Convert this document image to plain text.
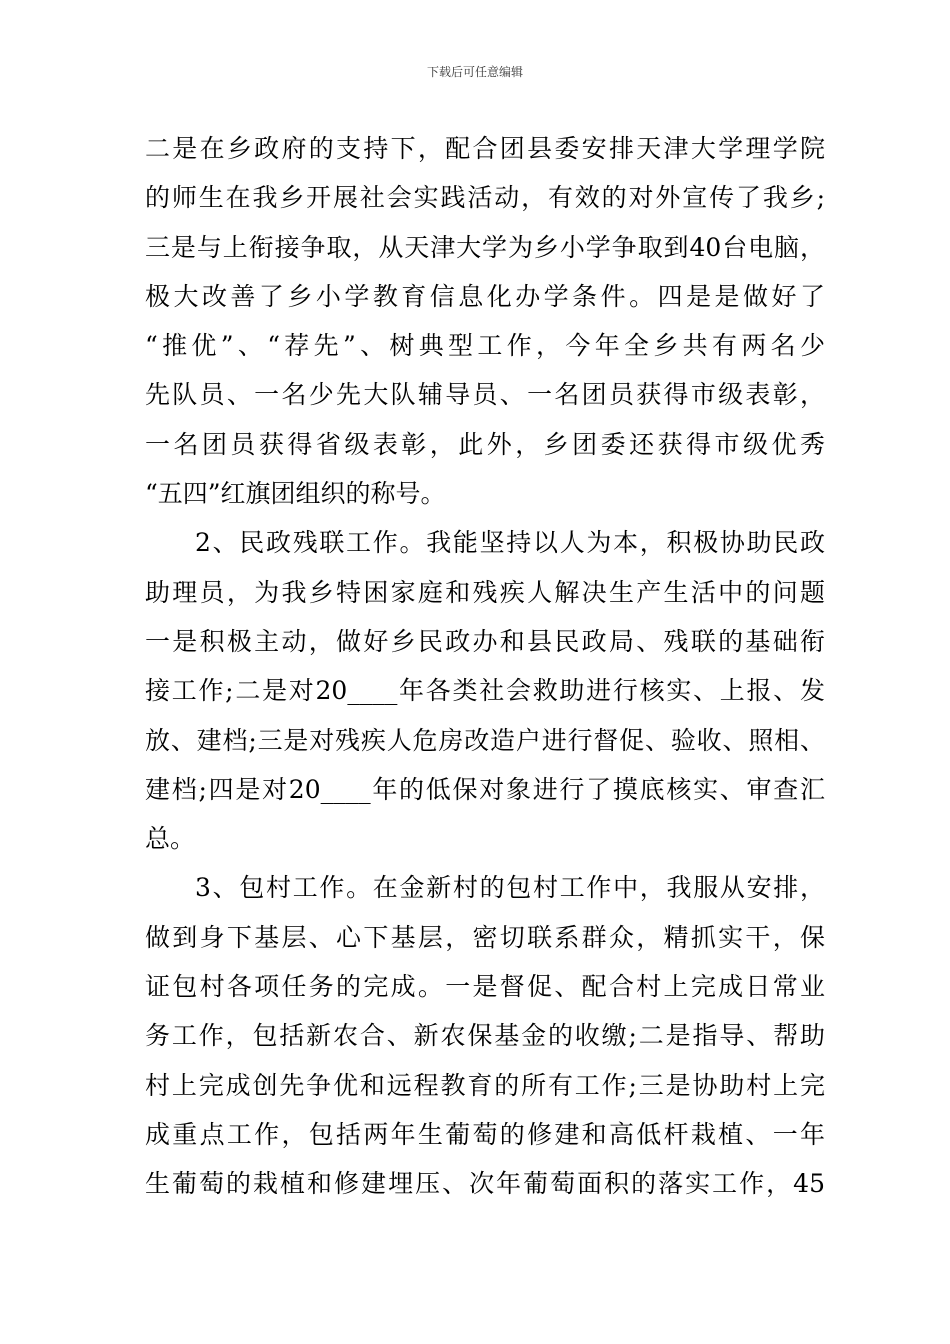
下载后可任意编辑
二是在乡政府的支持下，配合团县委安排天津大学理学院
的师生在我乡开展社会实践活动，有效的对外宣传了我乡;
三是与上衔接争取，从天津大学为乡小学争取到40台电脑，
极大改善了乡小学教育信息化办学条件。四是是做好了
“推优”、“荐先”、树典型工作，今年全乡共有两名少
先队员、一名少先大队辅导员、一名团员获得市级表彰，
一名团员获得省级表彰，此外，乡团委还获得市级优秀
“五四”红旗团组织的称号。
2、民政残联工作。我能坚持以人为本，积极协助民政
助理员，为我乡特困家庭和残疾人解决生产生活中的问题
一是积极主动，做好乡民政办和县民政局、残联的基础衔
接工作;二是对20____年各类社会救助进行核实、上报、发
放、建档;三是对残疾人危房改造户进行督促、验收、照相、
建档;四是对20____年的低保对象进行了摸底核实、审查汇
总。
3、包村工作。在金新村的包村工作中，我服从安排，
做到身下基层、心下基层，密切联系群众，精抓实干，保
证包村各项任务的完成。一是督促、配合村上完成日常业
务工作，包括新农合、新农保基金的收缴;二是指导、帮助
村上完成创先争优和远程教育的所有工作;三是协助村上完
成重点工作，包括两年生葡萄的修建和高低杆栽植、一年
生葡萄的栽植和修建埋压、次年葡萄面积的落实工作，45
